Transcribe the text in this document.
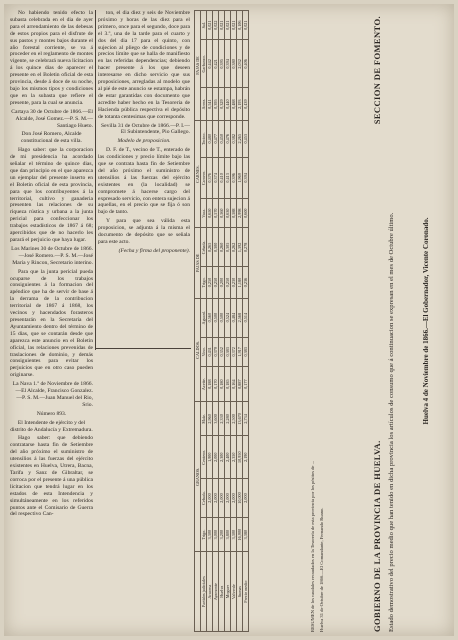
No habiendo tenido efecto la subasta celebrada en el dia de ayer para el arrendamiento de las debesas de estos propios para el disfrute de sus pastos y montes bajos durante el año forestal corriente, se va á proceder en el reglamento de montes vigente, se celebrará nueva licitacion á los quince dias de aparecer el presente en el Boletin oficial de esta provincia, desde á doce de su noche, bajo los mismos tipos y condiciones que en la subasta que refiere el presente, para la cual se anuncia.

Cartaya 30 de Octubre de 1866.—El Alcalde, José Gomez.—P. S. M.—Santiago Hueto.

Don José Romero, Alcalde constitucional de esta villa.

Hago saber: que la corporacion de mi presidencia ha acordado señalar el término de quince dias, que dan principio en el que aparezca un ejemplar del presente inserto en el Boletin oficial de esta provincia, para que los contribuyentes á la territorial, cultivo y ganaderia presenten las relaciones de su riqueza rústica y urbana a la junta pericial para confeccionar los trabajos estadísticos de 1867 á 68; apercibidos que de no hacerlo les parará el perjuicio que haya lugar.

Los Marines 30 de Octubre de 1866.—José Romero.—P. S. M.—José María y Rincon, Secretario interino.

Para que la junta pericial pueda ocuparse de los trabajos consiguientes á la formacion del apéndice que ha de servir de base á la derrama de la contribucion territorial de 1867 á 1868, los vecinos y hacendados forasteros presentarán en la Secretaría del Ayuntamiento dentro del término de 15 dias, que se contarán desde que aparezca este anuncio en el Boletin oficial, las relaciones prevenidas de traslaciones de dominio, y demás consiguientes para evitar los perjuicios que en otro caso pueden originarse.

La Nava 1.º de Noviembre de 1866.—El Alcalde, Francisco Gonzalez.—P. S. M.—Juan Manuel del Rio, Srio.

Número 893.

El Intendente de ejército y del distrito de Andalucía y Extremadura.

Hago saber: que debiendo contratarse hasta fin de Setiembre del año próximo el suministro de utensilios á las fuerzas del ejército existentes en Huelva, Utrera, Bacna, Tarifa y Sanz de Gibraltar, se corroca por el presente á una pública licitacion que tendrá lugar en los estados de esta Intendencia y simultáneamente en los referidos puntos ante el Comisario de Guerra del respectivo Can-

ton, el dia diez y seis de Noviembre próximo y horas de las diez para el primero, once para el segundo, doce para el 3.º, una de la tarde para el cuarto y dos del dia 17 para el quinto, con sujecion al pliego de condiciones y de precios límite que se halla de manifiesto en las referidas dependencias; debiendo hacer presente á los que deseen interesarse en dicho servicio que sus proposiciones, arregladas al modelo que al pié de este anuncio se estampa, habrán de estar garantidas con documento que acredite haber hecho en la Tesorería de Hacienda pública respectiva el depósito de totanta centesimas que corresponde.

Sevilla 31 de Octubre de 1866.—P. I.—El Subintendente, Pio Gallego.

Modelo de proposicion.

D. F. de T., vecino de T., enterado de las condiciones y precio límite bajo las que se contrata hasta fin de Setiembre del año próximo el suministro de utensilios á las fuerzas del ejército existentes en (la localidad) se compromete á hacerse cargo del expresado servicio, con entera sujecion á aquellas, en el precio que se fija ó son bajo de tanto.

Y para que sea válida esta proposicion, se adjunta á la misma el documento de depósito que se señala para este acto.

(Fecha y firma del proponente).

	GRANOS.				CALDOS.			PAJAS DE		CARNES.			PAJAS DE		
Partidos judiciales	Trigo.	Cebada.	Centeno.	Maíz.	Aceite.	Vino.	Aguard.	Trigo.	Cebada.	Vaca.	Carnero.	Tocino.	Arroz.	Garbanzo.	Sal.
Aracena	3,300	2,000	1,900	2,960	0,188	0,431	0,560	0,250	0,265	0,650	0,376	0,480	0,541	0,442	0,021
Ayamonte	3,000	2,000	2,000	3,600	0,170	0,379	0,500	0,250	0,300	0,570	0,374	0,477	0,395	0,421	0,022
Huelva	3,200	2,000	2,300	2,330	0,180	0,352	0,500	0,200	0,260	0,560	0,410	0,450	0,329	0,395	0,021
Moguer	3,800	2,000	2,400	2,280	0,185	0,383	0,524	0,250	0,305	0,630	0,413	0,476	0,440	0,394	0,021
Valverde	3,300	2,000	2,350	2,500	0,164	0,372	0,484	0,230	0,262	0,588	0,396	0,382	0,488	0,380	0,021
Sumas	16,900	10,000	10,950	13,670	0,887	1,917	2,568	1,180	1,392	2,998	1,969	2,265	2,193	2,032	0,106
Precio medio	3,380	2,000	2,190	2,734	0,177	0,383	0,514	0,236	0,278	0,600	0,394	0,453	0,439	0,406	0,021
RESUMEN de los caudales recaudados en la Tesorería de esta provincia por los pósitos de ... Huelva 31 de Octubre de 1866.—El Comandante, Fernando Ruano.	GOBIERNO DE LA PROVINCIA DE HUELVA.
SECCION DE FOMENTO.
Estado demostrativo del precio medio que han tenido en dicha provincia los artículos de consumo que á continuacion se expresan en el mes de Octubre último.	Huelva 4 de Noviembre de 1866.—El Gobernador, Vicente Coronado.
